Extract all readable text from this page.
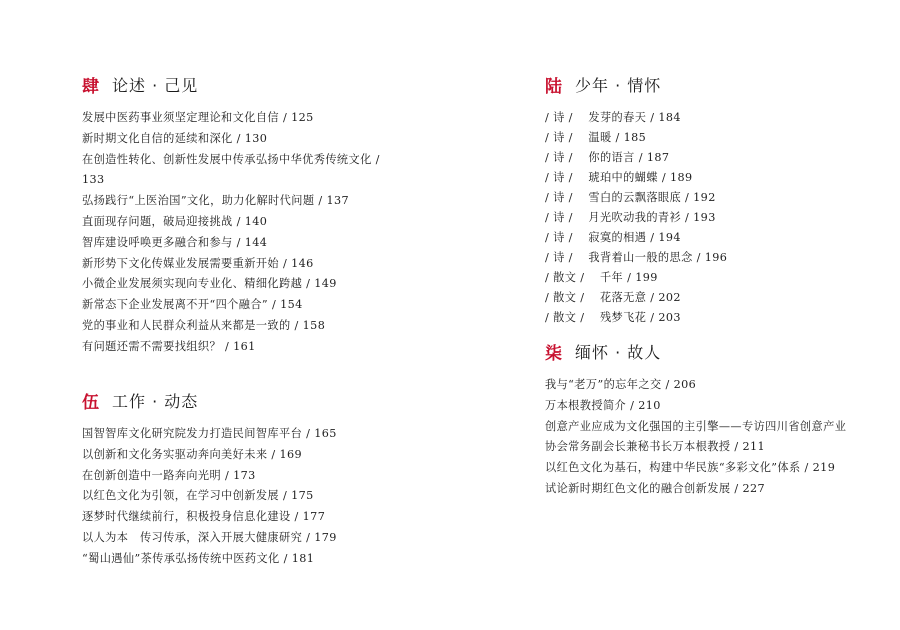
肆 论述 · 己见
发展中医药事业须坚定理论和文化自信 / 125
新时期文化自信的延续和深化 / 130
在创造性转化、创新性发展中传承弘扬中华优秀传统文化 / 133
弘扬践行“上医治国”文化，助力化解时代问题 / 137
直面现存问题，破局迎接挑战 / 140
智库建设呼唤更多融合和参与 / 144
新形势下文化传媒业发展需要重新开始 / 146
小微企业发展须实现向专业化、精细化跨越 / 149
新常态下企业发展离不开“四个融合” / 154
党的事业和人民群众利益从来都是一致的 / 158
有问题还需不需要找组织？ / 161
伍 工作 · 动态
国智智库文化研究院发力打造民间智库平台 / 165
以创新和文化务实驱动奔向美好未来 / 169
在创新创造中一路奔向光明 / 173
以红色文化为引领，在学习中创新发展 / 175
逐梦时代继续前行，积极投身信息化建设 / 177
以人为本　传习传承，深入开展大健康研究 / 179
“蜀山遇仙”茶传承弘扬传统中医药文化 / 181
陆 少年 · 情怀
/ 诗 / 　发芽的春天 / 184
/ 诗 / 　温暖 / 185
/ 诗 / 　你的语言 / 187
/ 诗 / 　琥珀中的蝴蝶 / 189
/ 诗 / 　雪白的云飘落眼底 / 192
/ 诗 / 　月光吹动我的青衫 / 193
/ 诗 / 　寂寞的相遇 / 194
/ 诗 / 　我背着山一般的思念 / 196
/ 散文 / 　千年 / 199
/ 散文 / 　花落无意 / 202
/ 散文 / 　残梦飞花 / 203
柒 缅怀 · 故人
我与“老万”的忘年之交 / 206
万本根教授简介 / 210
创意产业应成为文化强国的主引擎——专访四川省创意产业协会常务副会长兼秘书长万本根教授 / 211
以红色文化为基石，构建中华民族“多彩文化”体系 / 219
试论新时期红色文化的融合创新发展 / 227
